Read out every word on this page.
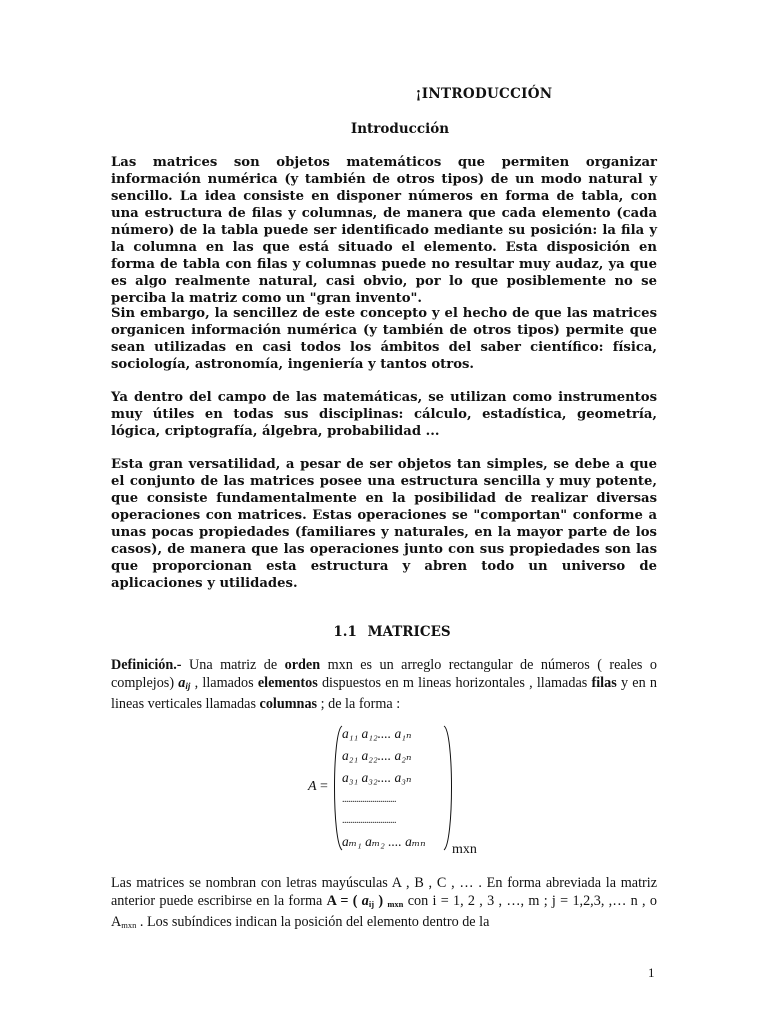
¡INTRODUCCIÓN
Introducción

Las matrices son objetos matemáticos que permiten organizar información numérica (y también de otros tipos) de un modo natural y sencillo. La idea consiste en disponer números en forma de tabla, con una estructura de filas y columnas, de manera que cada elemento (cada número) de la tabla puede ser identificado mediante su posición: la fila y la columna en las que está situado el elemento. Esta disposición en forma de tabla con filas y columnas puede no resultar muy audaz, ya que es algo realmente natural, casi obvio, por lo que posiblemente no se perciba la matriz como un "gran invento".

Sin embargo, la sencillez de este concepto y el hecho de que las matrices organicen información numérica (y también de otros tipos) permite que sean utilizadas en casi todos los ámbitos del saber científico: física, sociología, astronomía, ingeniería y tantos otros.

Ya dentro del campo de las matemáticas, se utilizan como instrumentos muy útiles en todas sus disciplinas: cálculo, estadística, geometría, lógica, criptografía, álgebra, probabilidad ...

Esta gran versatilidad, a pesar de ser objetos tan simples, se debe a que el conjunto de las matrices posee una estructura sencilla y muy potente, que consiste fundamentalmente en la posibilidad de realizar diversas operaciones con matrices. Estas operaciones se "comportan" conforme a unas pocas propiedades (familiares y naturales, en la mayor parte de los casos), de manera que las operaciones junto con sus propiedades son las que proporcionan esta estructura y abren todo un universo de aplicaciones y utilidades.

1.1 MATRICES

Definición.- Una matriz de orden mxn es un arreglo rectangular de números ( reales o complejos) $a_{ij}$ , llamados elementos dispuestos en m lineas horizontales , llamadas filas y en n lineas verticales llamadas columnas ; de la forma :

A =
a₁₁ a₁₂.... a₁ₙ
a₂₁ a₂₂.... a₂ₙ
a₃₁ a₃₂.... a₃ₙ
...........................
...........................
aₘ₁ aₘ₂ .... aₘₙ
mxn

Las matrices se nombran con letras mayúsculas A , B , C , … . En forma abreviada la matriz anterior puede escribirse en la forma A = ( aij ) mxn con i = 1, 2 , 3 , …, m ; j = 1,2,3, ,… n , o Amxn . Los subíndices indican la posición del elemento dentro de la

1
